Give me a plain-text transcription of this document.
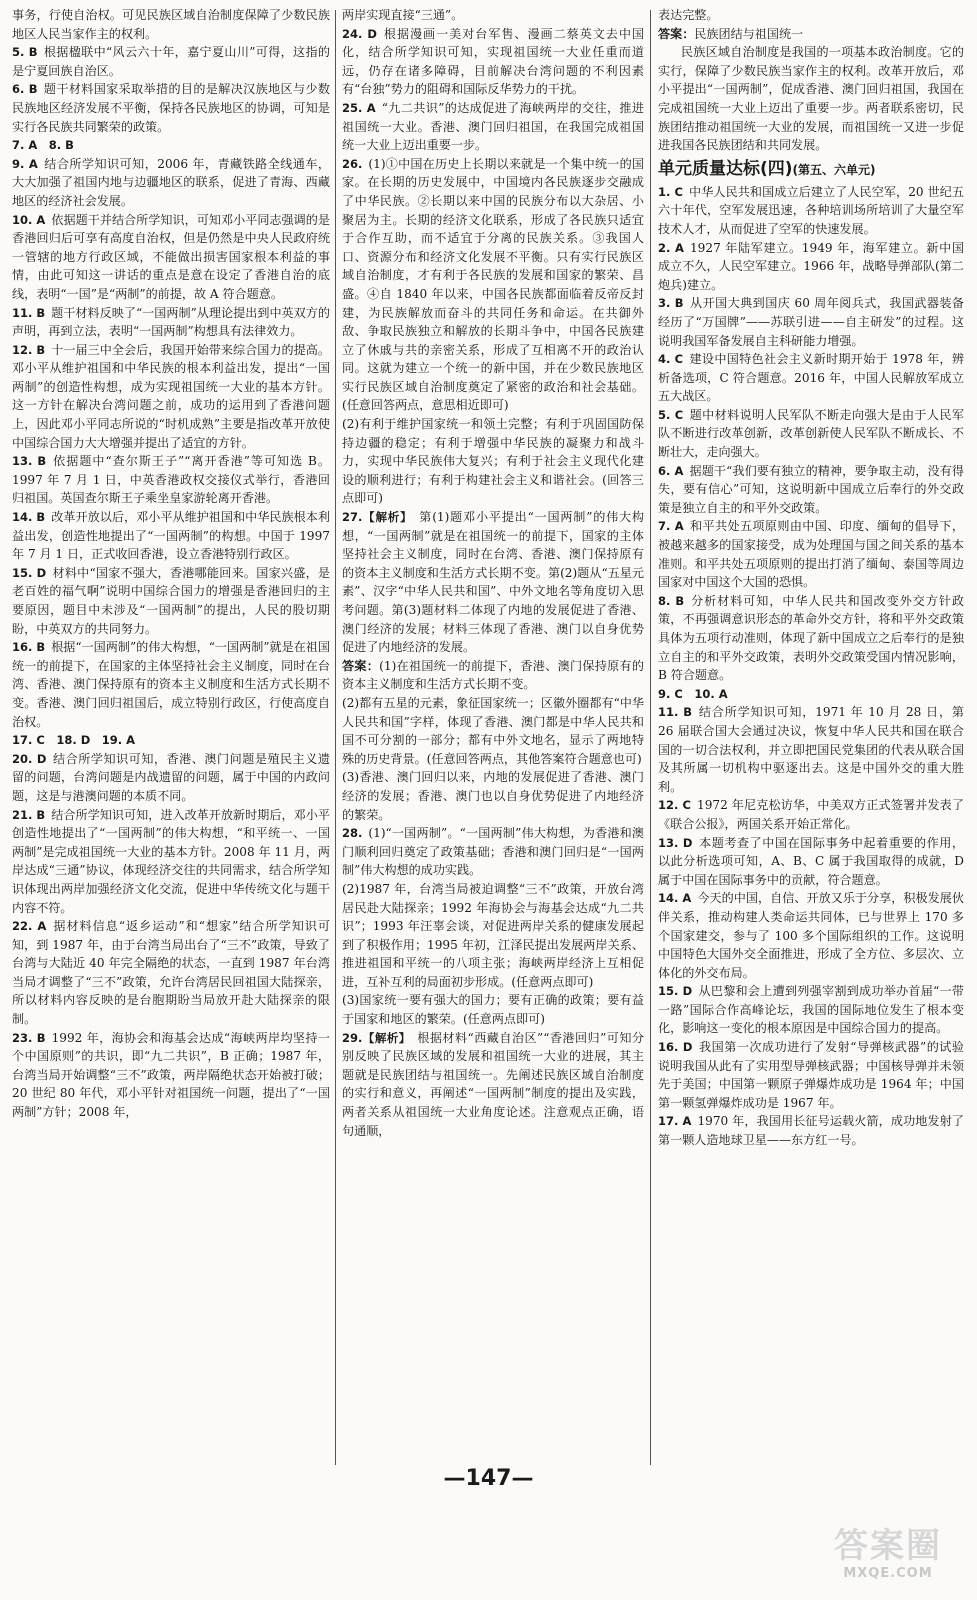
事务，行使自治权。可见民族区域自治制度保障了少数民族地区人民当家作主的权利。

5. B  根据楹联中“风云六十年，嘉宁夏山川”可得，这指的是宁夏回族自治区。

6. B  题干材料国家采取举措的目的是解决汉族地区与少数民族地区经济发展不平衡，保持各民族地区的协调，可知是实行各民族共同繁荣的政策。

7. A　8. B 

9. A  结合所学知识可知，2006 年，青藏铁路全线通车，大大加强了祖国内地与边疆地区的联系，促进了青海、西藏地区的经济社会发展。

10. A  依据题干并结合所学知识，可知邓小平同志强调的是香港回归后可享有高度自治权，但是仍然是中央人民政府统一管辖的地方行政区域，不能做出损害国家根本利益的事情，由此可知这一讲话的重点是意在设定了香港自治的底线，表明“一国”是“两制”的前提，故 A 符合题意。

11. B  题干材料反映了“一国两制”从理论提出到中英双方的声明，再到立法，表明“一国两制”构想具有法律效力。

12. B  十一届三中全会后，我国开始带来综合国力的提高。邓小平从维护祖国和中华民族的根本利益出发，提出“一国两制”的创造性构想，成为实现祖国统一大业的基本方针。这一方针在解决台湾问题之前，成功的运用到了香港问题上，因此邓小平同志所说的“时机成熟”主要是指改革开放使中国综合国力大大增强并提出了适宜的方针。

13. B  依据题中“查尔斯王子”“离开香港”等可知选 B。1997 年 7 月 1 日，中英香港政权交接仪式举行，香港回归祖国。英国查尔斯王子乘坐皇家游轮离开香港。

14. B  改革开放以后，邓小平从维护祖国和中华民族根本利益出发，创造性地提出了“一国两制”的构想。中国于 1997 年 7 月 1 日，正式收回香港，设立香港特别行政区。

15. D  材料中“国家不强大，香港哪能回来。国家兴盛，是老百姓的福气啊”说明中国综合国力的增强是香港回归的主要原因，题目中未涉及“一国两制”的提出，人民的股切期盼，中英双方的共同努力。

16. B  根据“一国两制”的伟大构想，“一国两制”就是在祖国统一的前提下，在国家的主体坚持社会主义制度，同时在台湾、香港、澳门保持原有的资本主义制度和生活方式长期不变。香港、澳门回归祖国后，成立特别行政区，行使高度自治权。

17. C　18. D　19. A 

20. D  结合所学知识可知，香港、澳门问题是殖民主义遗留的问题，台湾问题是内战遗留的问题，属于中国的内政问题，这是与港澳问题的本质不同。

21. B  结合所学知识可知，进入改革开放新时期后，邓小平创造性地提出了“一国两制”的伟大构想，“和平统一、一国两制”是完成祖国统一大业的基本方针。2008 年 11 月，两岸达成“三通”协议，体现经济交往的共同需求，结合所学知识体现出两岸加强经济文化交流，促进中华传统文化与题干内容不符。

22. A  据材料信息“返乡运动”和“想家”结合所学知识可知，到 1987 年，由于台湾当局出台了“三不”政策，导致了台湾与大陆近 40 年完全隔绝的状态，一直到 1987 年台湾当局才调整了“三不”政策，允许台湾居民回祖国大陆探亲，所以材料内容反映的是台胞期盼当局放开赴大陆探亲的限制。

23. B  1992 年，海协会和海基会达成“海峡两岸均坚持一个中国原则”的共识，即“九二共识”，B 正确；1987 年，台湾当局开始调整“三不”政策，两岸隔绝状态开始被打破；20 世纪 80 年代，邓小平针对祖国统一问题，提出了“一国两制”方针；2008 年，

两岸实现直接“三通”。

24. D  根据漫画一美对台军售、漫画二蔡英文去中国化，结合所学知识可知，实现祖国统一大业任重而道远，仍存在诸多障碍，目前解决台湾问题的不利因素有“台独”势力的阻碍和国际反华势力的干扰。

25. A  “九二共识”的达成促进了海峡两岸的交往，推进祖国统一大业。香港、澳门回归祖国，在我国完成祖国统一大业上迈出重要一步。

26.  (1)①中国在历史上长期以来就是一个集中统一的国家。在长期的历史发展中，中国境内各民族逐步交融成了中华民族。②长期以来中国的民族分布以大杂居、小聚居为主。长期的经济文化联系，形成了各民族只适宜于合作互助，而不适宜于分离的民族关系。③我国人口、资源分布和经济文化发展不平衡。只有实行民族区域自治制度，才有利于各民族的发展和国家的繁荣、昌盛。④自 1840 年以来，中国各民族都面临着反帝反封建，为民族解放而奋斗的共同任务和命运。在共御外敌、争取民族独立和解放的长期斗争中，中国各民族建立了休戚与共的亲密关系，形成了互相离不开的政治认同。这就为建立一个统一的新中国，并在少数民族地区实行民族区域自治制度奠定了紧密的政治和社会基础。(任意回答两点，意思相近即可)

(2)有利于维护国家统一和领土完整；有利于巩固国防保持边疆的稳定；有利于增强中华民族的凝聚力和战斗力，实现中华民族伟大复兴；有利于社会主义现代化建设的顺利进行；有利于构建社会主义和谐社会。(回答三点即可)

27.【解析】  第(1)题邓小平提出“一国两制”的伟大构想，“一国两制”就是在祖国统一的前提下，国家的主体坚持社会主义制度，同时在台湾、香港、澳门保持原有的资本主义制度和生活方式长期不变。第(2)题从“五星元素”、汉字“中华人民共和国”、中外文地名等角度切入思考问题。第(3)题材料二体现了内地的发展促进了香港、澳门经济的发展；材料三体现了香港、澳门以自身优势促进了内地经济的发展。

答案：(1)在祖国统一的前提下，香港、澳门保持原有的资本主义制度和生活方式长期不变。

(2)都有五星的元素，象征国家统一；区徽外圈都有“中华人民共和国”字样，体现了香港、澳门都是中华人民共和国不可分割的一部分；都有中外文地名，显示了两地特殊的历史背景。(任意回答两点，其他答案符合题意也可)

(3)香港、澳门回归以来，内地的发展促进了香港、澳门经济的发展；香港、澳门也以自身优势促进了内地经济的繁荣。

28.  (1)“一国两制”。“一国两制”伟大构想，为香港和澳门顺利回归奠定了政策基础；香港和澳门回归是“一国两制”伟大构想的成功实践。

(2)1987 年，台湾当局被迫调整“三不”政策，开放台湾居民赴大陆探亲；1992 年海协会与海基会达成“九二共识”；1993 年汪辜会谈，对促进两岸关系的健康发展起到了积极作用；1995 年初，江泽民提出发展两岸关系、推进祖国和平统一的八项主张；海峡两岸经济上互相促进，互补互利的局面初步形成。(任意两点即可)

(3)国家统一要有强大的国力；要有正确的政策；要有益于国家和地区的繁荣。(任意两点即可)

29.【解析】  根据材料“西藏自治区”“香港回归”可知分别反映了民族区域的发展和祖国统一大业的进展，其主题就是民族团结与祖国统一。先阐述民族区域自治制度的实行和意义，再阐述“一国两制”制度的提出及实践，两者关系从祖国统一大业角度论述。注意观点正确，语句通顺，

表达完整。

答案：民族团结与祖国统一

民族区域自治制度是我国的一项基本政治制度。它的实行，保障了少数民族当家作主的权利。改革开放后，邓小平提出“一国两制”，促成香港、澳门回归祖国，我国在完成祖国统一大业上迈出了重要一步。两者联系密切，民族团结推动祖国统一大业的发展，而祖国统一又进一步促进我国各民族团结和共同发展。

单元质量达标(四)(第五、六单元)

1. C  中华人民共和国成立后建立了人民空军，20 世纪五六十年代，空军发展迅速，各种培训场所培训了大量空军技术人才，从而促进了空军的快速发展。

2. A  1927 年陆军建立。1949 年，海军建立。新中国成立不久，人民空军建立。1966 年，战略导弹部队(第二炮兵)建立。

3. B  从开国大典到国庆 60 周年阅兵式，我国武器装备经历了“万国牌”——苏联引进——自主研发”的过程。这说明我国军备发展自主科研能力增强。

4. C  建设中国特色社会主义新时期开始于 1978 年，辨析备选项，C 符合题意。2016 年，中国人民解放军成立五大战区。

5. C  题中材料说明人民军队不断走向强大是由于人民军队不断进行改革创新，改革创新使人民军队不断成长、不断壮大，走向强大。

6. A  据题干“我们要有独立的精神，要争取主动，没有得失，要有信心”可知，这说明新中国成立后奉行的外交政策是独立自主的和平外交政策。

7. A  和平共处五项原则由中国、印度、缅甸的倡导下，被越来越多的国家接受，成为处理国与国之间关系的基本准则。和平共处五项原则的提出打消了缅甸、泰国等周边国家对中国这个大国的恐惧。

8. B  分析材料可知，中华人民共和国改变外交方针政策，不再强调意识形态的革命外交方针，将和平外交政策具体为五项行动准则，体现了新中国成立之后奉行的是独立自主的和平外交政策，表明外交政策受国内情况影响，B 符合题意。

9. C　10. A 

11. B  结合所学知识可知，1971 年 10 月 28 日，第 26 届联合国大会通过决议，恢复中华人民共和国在联合国的一切合法权利，并立即把国民党集团的代表从联合国及其所属一切机构中驱逐出去。这是中国外交的重大胜利。

12. C  1972 年尼克松访华，中美双方正式签署并发表了《联合公报》，两国关系开始正常化。

13. D  本题考查了中国在国际事务中起着重要的作用，以此分析选项可知，A、B、C 属于我国取得的成就，D 属于中国在国际事务中的贡献，符合题意。

14. A  今天的中国，自信、开放又乐于分享，积极发展伙伴关系，推动构建人类命运共同体，已与世界上 170 多个国家建交，参与了 100 多个国际组织的工作。这说明中国特色大国外交全面推进，形成了全方位、多层次、立体化的外交布局。

15. D  从巴黎和会上遭到列强宰割到成功举办首届“一带一路”国际合作高峰论坛，我国的国际地位发生了根本变化，影响这一变化的根本原因是中国综合国力的提高。

16. D  我国第一次成功进行了发射“导弹核武器”的试验说明我国从此有了实用型导弹核武器；中国核导弹并未领先于美国；中国第一颗原子弹爆炸成功是 1964 年；中国第一颗氢弹爆炸成功是 1967 年。

17. A  1970 年，我国用长征号运载火箭，成功地发射了第一颗人造地球卫星——东方红一号。

—147—
答案圈
MXQE.COM
